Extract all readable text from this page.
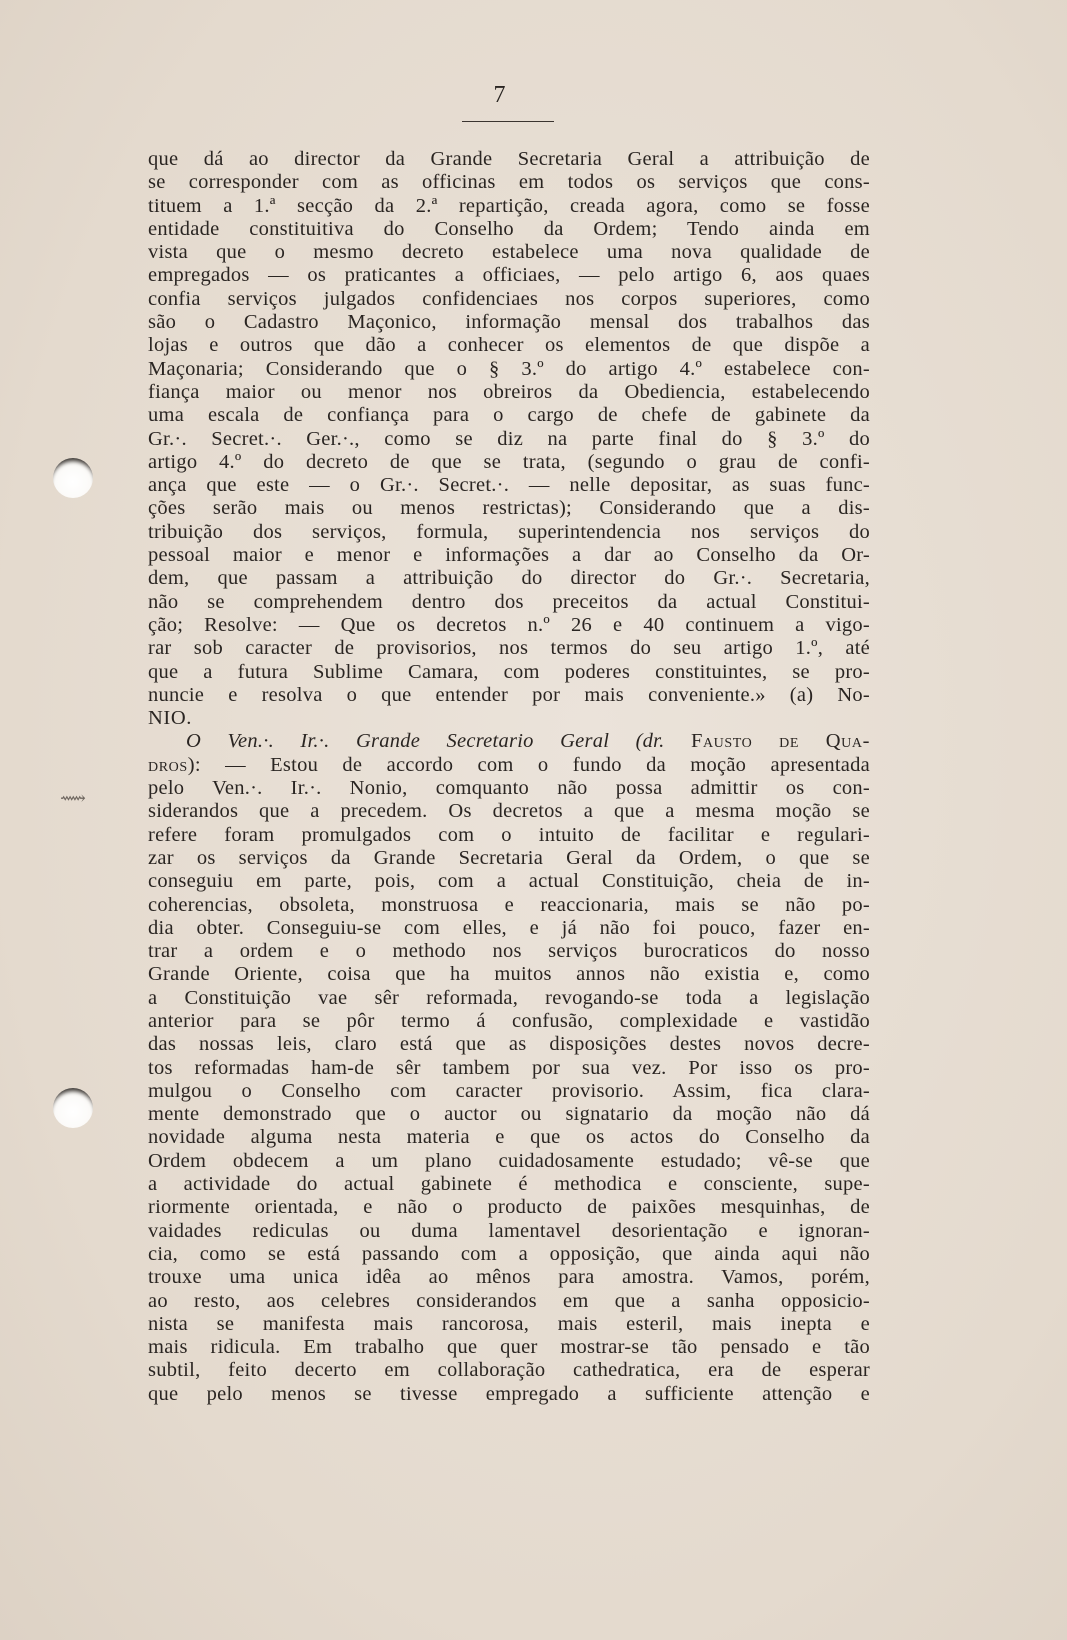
7
⟿
que dá ao director da Grande Secretaria Geral a attribuição de
se corresponder com as officinas em todos os serviços que cons-
tituem a 1.ª secção da 2.ª repartição, creada agora, como se fosse
entidade constituitiva do Conselho da Ordem; Tendo ainda em
vista que o mesmo decreto estabelece uma nova qualidade de
empregados — os praticantes a officiaes, — pelo artigo 6, aos quaes
confia serviços julgados confidenciaes nos corpos superiores, como
são o Cadastro Maçonico, informação mensal dos trabalhos das
lojas e outros que dão a conhecer os elementos de que dispõe a
Maçonaria; Considerando que o § 3.º do artigo 4.º estabelece con-
fiança maior ou menor nos obreiros da Obediencia, estabelecendo
uma escala de confiança para o cargo de chefe de gabinete da
Gr.·. Secret.·. Ger.·., como se diz na parte final do § 3.º do
artigo 4.º do decreto de que se trata, (segundo o grau de confi-
ança que este — o Gr.·. Secret.·. — nelle depositar, as suas func-
ções serão mais ou menos restrictas); Considerando que a dis-
tribuição dos serviços, formula, superintendencia nos serviços do
pessoal maior e menor e informações a dar ao Conselho da Or-
dem, que passam a attribuição do director do Gr.·. Secretaria,
não se comprehendem dentro dos preceitos da actual Constitui-
ção; Resolve: — Que os decretos n.º 26 e 40 continuem a vigo-
rar sob caracter de provisorios, nos termos do seu artigo 1.º, até
que a futura Sublime Camara, com poderes constituintes, se pro-
nuncie e resolva o que entender por mais conveniente.» (a) No-
NIO.
O Ven.·. Ir.·. Grande Secretario Geral (dr. Fausto de Qua-
dros): — Estou de accordo com o fundo da moção apresentada
pelo Ven.·. Ir.·. Nonio, comquanto não possa admittir os con-
siderandos que a precedem. Os decretos a que a mesma moção se
refere foram promulgados com o intuito de facilitar e regulari-
zar os serviços da Grande Secretaria Geral da Ordem, o que se
conseguiu em parte, pois, com a actual Constituição, cheia de in-
coherencias, obsoleta, monstruosa e reaccionaria, mais se não po-
dia obter. Conseguiu-se com elles, e já não foi pouco, fazer en-
trar a ordem e o methodo nos serviços burocraticos do nosso
Grande Oriente, coisa que ha muitos annos não existia e, como
a Constituição vae sêr reformada, revogando-se toda a legislação
anterior para se pôr termo á confusão, complexidade e vastidão
das nossas leis, claro está que as disposições destes novos decre-
tos reformadas ham-de sêr tambem por sua vez. Por isso os pro-
mulgou o Conselho com caracter provisorio. Assim, fica clara-
mente demonstrado que o auctor ou signatario da moção não dá
novidade alguma nesta materia e que os actos do Conselho da
Ordem obdecem a um plano cuidadosamente estudado; vê-se que
a actividade do actual gabinete é methodica e consciente, supe-
riormente orientada, e não o producto de paixões mesquinhas, de
vaidades rediculas ou duma lamentavel desorientação e ignoran-
cia, como se está passando com a opposição, que ainda aqui não
trouxe uma unica idêa ao mênos para amostra. Vamos, porém,
ao resto, aos celebres considerandos em que a sanha opposicio-
nista se manifesta mais rancorosa, mais esteril, mais inepta e
mais ridicula. Em trabalho que quer mostrar-se tão pensado e tão
subtil, feito decerto em collaboração cathedratica, era de esperar
que pelo menos se tivesse empregado a sufficiente attenção e
